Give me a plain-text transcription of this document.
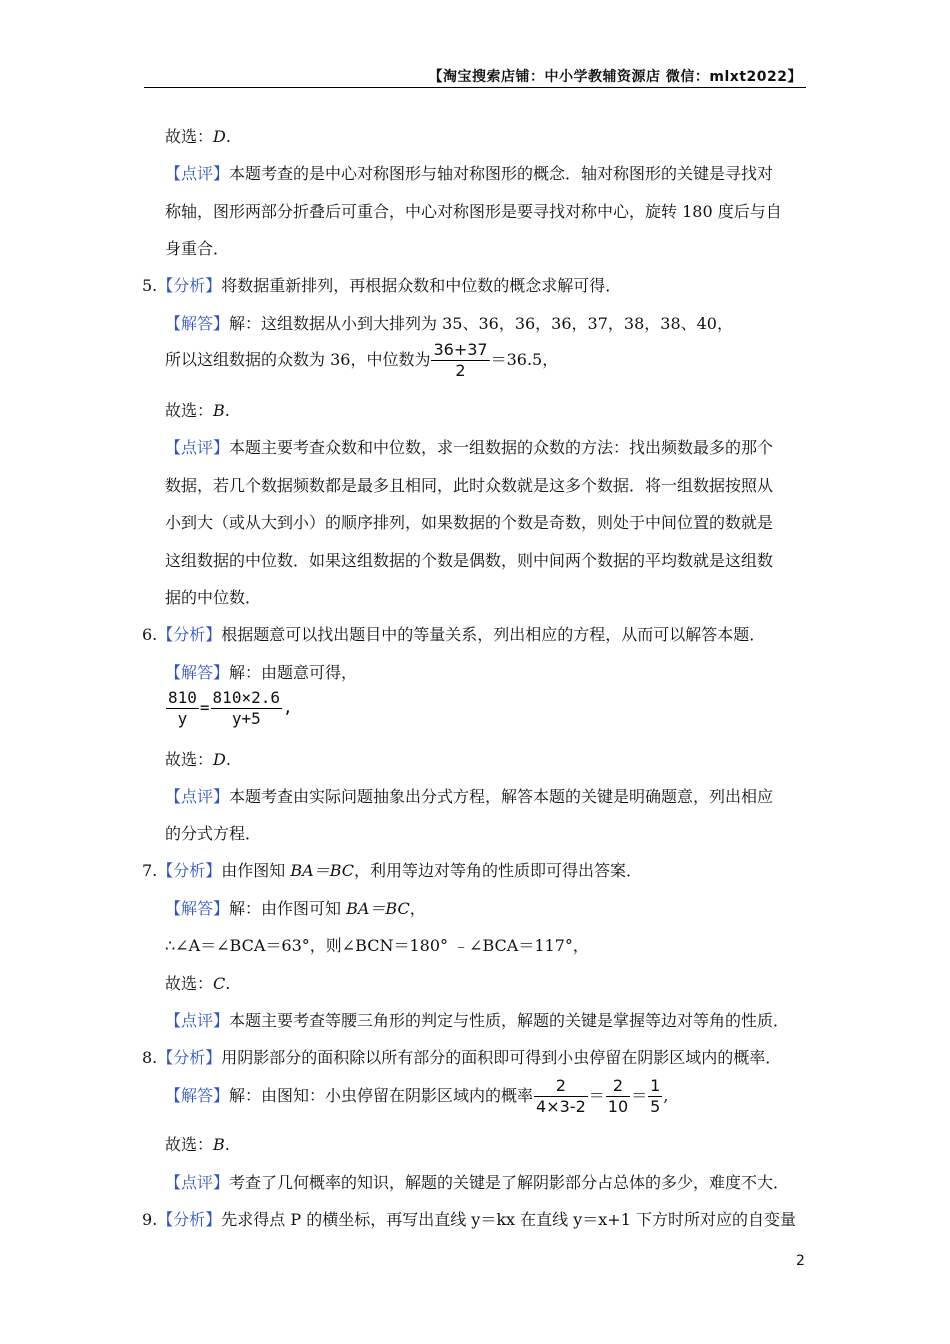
【淘宝搜索店铺：中小学教辅资源店 微信：mlxt2022】
故选：D.
【点评】本题考查的是中心对称图形与轴对称图形的概念．轴对称图形的关键是寻找对
称轴，图形两部分折叠后可重合，中心对称图形是要寻找对称中心，旋转 180 度后与自
身重合．
5.【分析】将数据重新排列，再根据众数和中位数的概念求解可得．
【解答】解：这组数据从小到大排列为 35、36，36，36，37，38，38、40，
所以这组数据的众数为 36，中位数为 $\frac{36+37}{2} =36.5$，
故选：B.
【点评】本题主要考查众数和中位数，求一组数据的众数的方法：找出频数最多的那个
数据，若几个数据频数都是最多且相同，此时众数就是这多个数据．将一组数据按照从
小到大（或从大到小）的顺序排列，如果数据的个数是奇数，则处于中间位置的数就是
这组数据的中位数．如果这组数据的个数是偶数，则中间两个数据的平均数就是这组数
据的中位数．
6.【分析】根据题意可以找出题目中的等量关系，列出相应的方程，从而可以解答本题．
【解答】解：由题意可得，
$\frac{810}{y} = \frac{810\times 2.6}{y+5}$ ,
故选：D.
【点评】本题考查由实际问题抽象出分式方程，解答本题的关键是明确题意，列出相应
的分式方程．
7.【分析】由作图知 BA＝BC，利用等边对等角的性质即可得出答案．
【解答】解：由作图可知 BA＝BC，
∴∠A＝∠BCA＝63°，则∠BCN＝180° ﹣∠BCA＝117°，
故选：C.
【点评】本题主要考查等腰三角形的判定与性质，解题的关键是掌握等边对等角的性质．
8.【分析】用阴影部分的面积除以所有部分的面积即可得到小虫停留在阴影区域内的概率．
【解答】解：由图知：小虫停留在阴影区域内的概率 $\frac{2}{4\times 3-2} = \frac{2}{10} = \frac{1}{5}$ ,
故选：B.
【点评】考查了几何概率的知识，解题的关键是了解阴影部分占总体的多少，难度不大．
9.【分析】先求得点 P 的横坐标，再写出直线 y＝kx 在直线 y＝x+1 下方时所对应的自变量
2
